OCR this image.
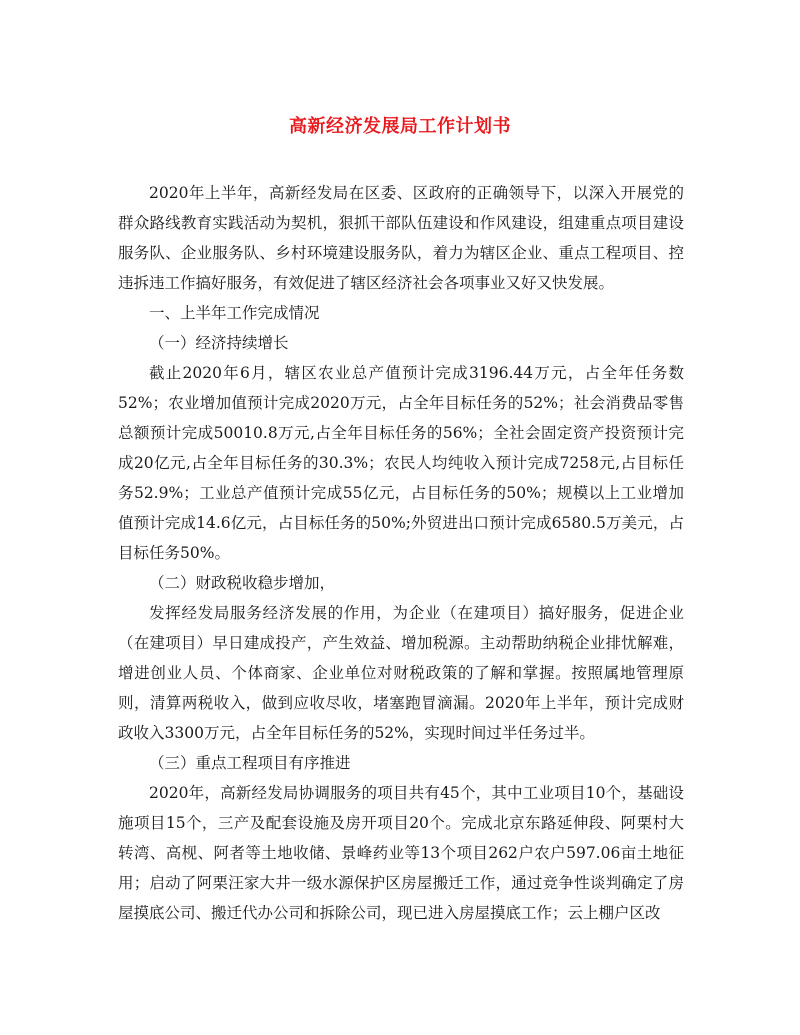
高新经济发展局工作计划书

2020年上半年，高新经发局在区委、区政府的正确领导下，以深入开展党的群众路线教育实践活动为契机，狠抓干部队伍建设和作风建设，组建重点项目建设服务队、企业服务队、乡村环境建设服务队，着力为辖区企业、重点工程项目、控违拆违工作搞好服务，有效促进了辖区经济社会各项事业又好又快发展。

一、上半年工作完成情况

（一）经济持续增长

截止2020年6月，辖区农业总产值预计完成3196.44万元，占全年任务数52%；农业增加值预计完成2020万元，占全年目标任务的52%；社会消费品零售总额预计完成50010.8万元,占全年目标任务的56%；全社会固定资产投资预计完成20亿元,占全年目标任务的30.3%；农民人均纯收入预计完成7258元,占目标任务52.9%；工业总产值预计完成55亿元，占目标任务的50%；规模以上工业增加值预计完成14.6亿元，占目标任务的50%;外贸进出口预计完成6580.5万美元，占目标任务50%。

（二）财政税收稳步增加，

发挥经发局服务经济发展的作用，为企业（在建项目）搞好服务，促进企业（在建项目）早日建成投产，产生效益、增加税源。主动帮助纳税企业排忧解难，增进创业人员、个体商家、企业单位对财税政策的了解和掌握。按照属地管理原则，清算两税收入，做到应收尽收，堵塞跑冒滴漏。2020年上半年，预计完成财政收入3300万元，占全年目标任务的52%，实现时间过半任务过半。

（三）重点工程项目有序推进

2020年，高新经发局协调服务的项目共有45个，其中工业项目10个，基础设施项目15个，三产及配套设施及房开项目20个。完成北京东路延伸段、阿栗村大转湾、高枧、阿者等土地收储、景峰药业等13个项目262户农户597.06亩土地征用；启动了阿栗汪家大井一级水源保护区房屋搬迁工作，通过竞争性谈判确定了房屋摸底公司、搬迁代办公司和拆除公司，现已进入房屋摸底工作；云上棚户区改
